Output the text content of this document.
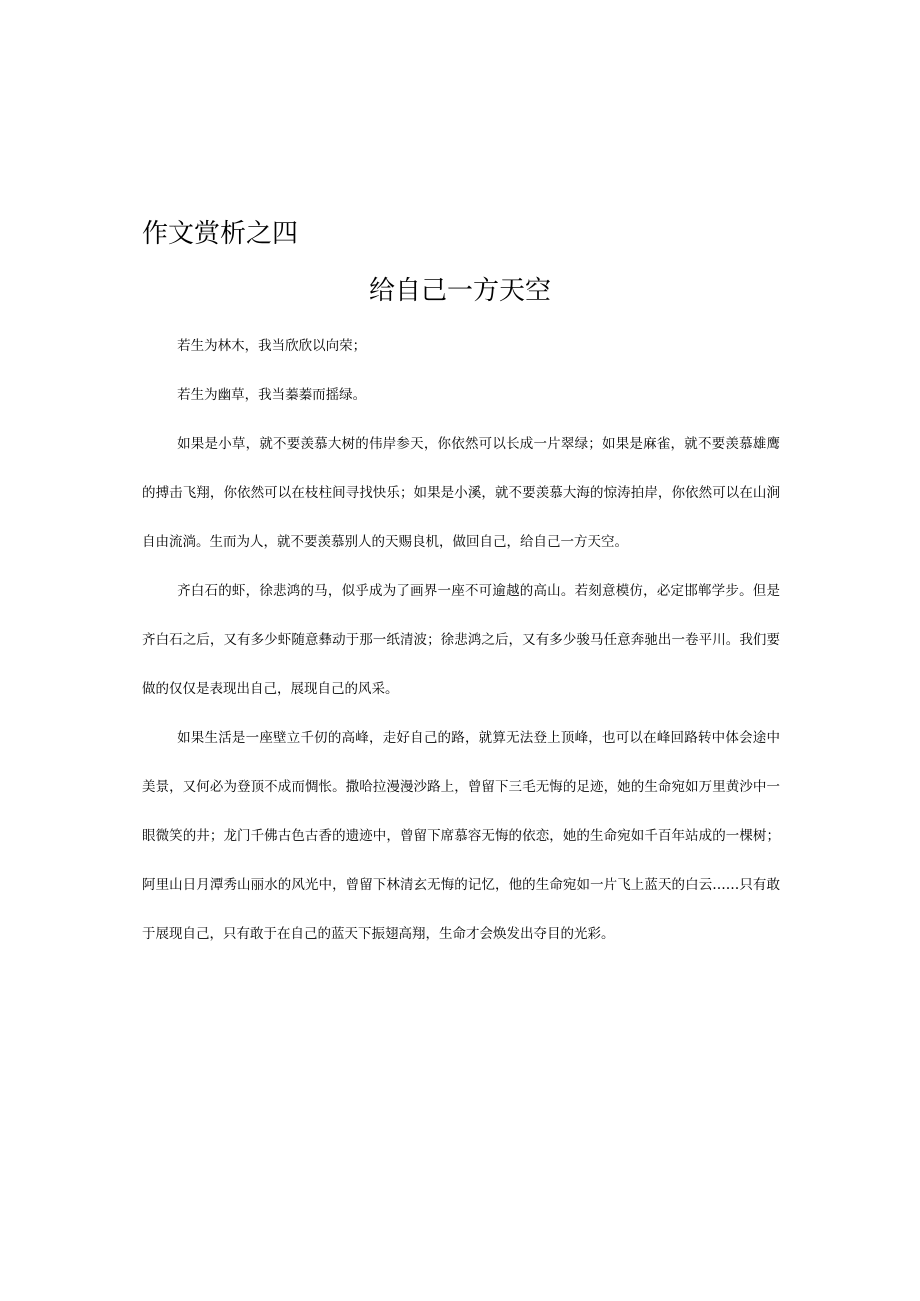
作文赏析之四
给自己一方天空

若生为林木，我当欣欣以向荣；

若生为幽草，我当蓁蓁而摇绿。

如果是小草，就不要羡慕大树的伟岸参天，你依然可以长成一片翠绿；如果是麻雀，就不要羡慕雄鹰的搏击飞翔，你依然可以在枝柱间寻找快乐；如果是小溪，就不要羡慕大海的惊涛拍岸，你依然可以在山涧自由流淌。生而为人，就不要羡慕别人的天赐良机，做回自己，给自己一方天空。

齐白石的虾，徐悲鸿的马，似乎成为了画界一座不可逾越的高山。若刻意模仿，必定邯郸学步。但是齐白石之后，又有多少虾随意彝动于那一纸清波；徐悲鸿之后，又有多少骏马任意奔驰出一卷平川。我们要做的仅仅是表现出自己，展现自己的风采。

如果生活是一座壁立千仞的高峰，走好自己的路，就算无法登上顶峰，也可以在峰回路转中体会途中美景，又何必为登顶不成而惆怅。撒哈拉漫漫沙路上，曾留下三毛无悔的足迹，她的生命宛如万里黄沙中一眼微笑的井；龙门千佛古色古香的遗迹中，曾留下席慕容无悔的依恋，她的生命宛如千百年站成的一棵树；阿里山日月潭秀山丽水的风光中，曾留下林清玄无悔的记忆，他的生命宛如一片飞上蓝天的白云……只有敢于展现自己，只有敢于在自己的蓝天下振翅高翔，生命才会焕发出夺目的光彩。
